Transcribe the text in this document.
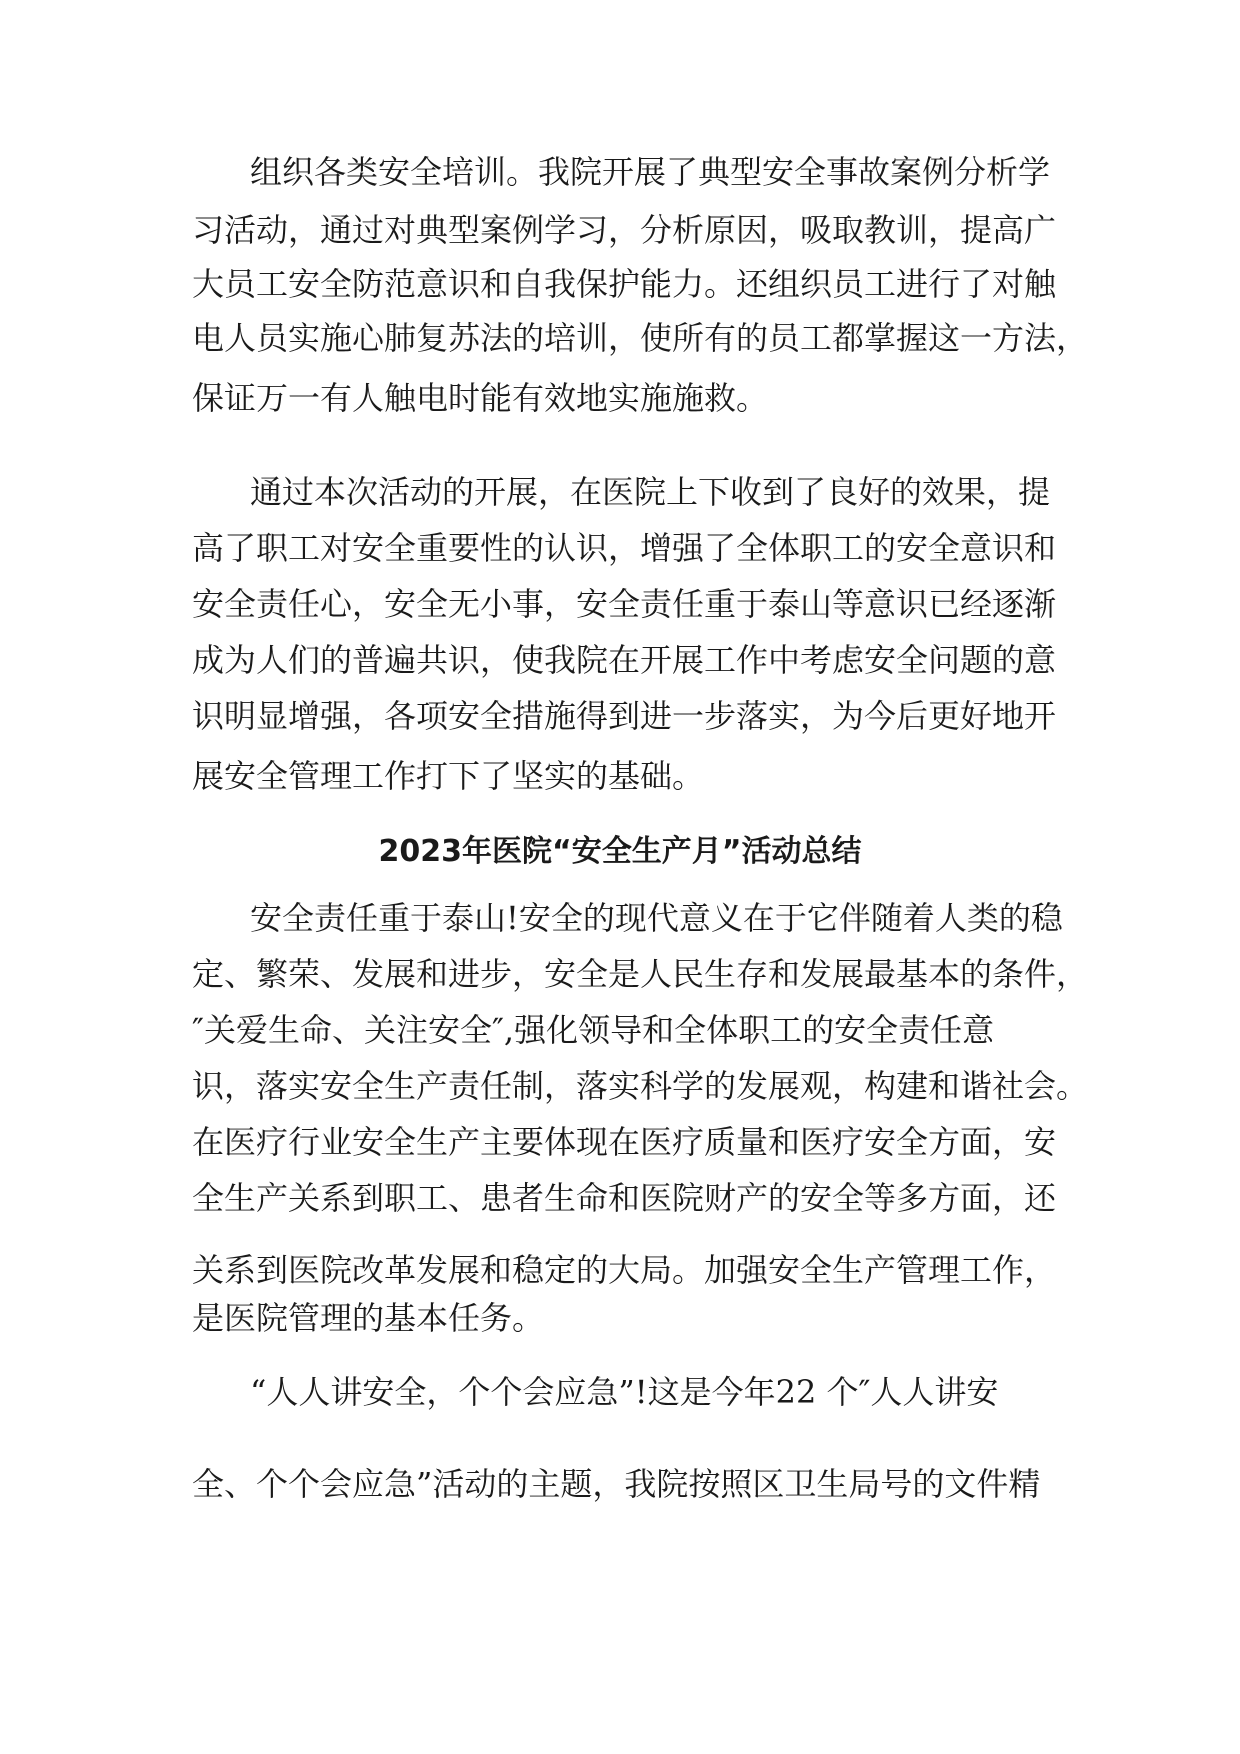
组织各类安全培训。我院开展了典型安全事故案例分析学
习活动，通过对典型案例学习，分析原因，吸取教训，提高广
大员工安全防范意识和自我保护能力。还组织员工进行了对触
电人员实施心肺复苏法的培训，使所有的员工都掌握这一方法，
保证万一有人触电时能有效地实施施救。
通过本次活动的开展，在医院上下收到了良好的效果，提
高了职工对安全重要性的认识，增强了全体职工的安全意识和
安全责任心，安全无小事，安全责任重于泰山等意识已经逐渐
成为人们的普遍共识，使我院在开展工作中考虑安全问题的意
识明显增强，各项安全措施得到进一步落实，为今后更好地开
展安全管理工作打下了坚实的基础。
2023年医院“安全生产月”活动总结
安全责任重于泰山!安全的现代意义在于它伴随着人类的稳
定、繁荣、发展和进步，安全是人民生存和发展最基本的条件，
″关爱生命、关注安全″,强化领导和全体职工的安全责任意
识，落实安全生产责任制，落实科学的发展观，构建和谐社会。
在医疗行业安全生产主要体现在医疗质量和医疗安全方面，安
全生产关系到职工、患者生命和医院财产的安全等多方面，还
关系到医院改革发展和稳定的大局。加强安全生产管理工作，
是医院管理的基本任务。
“人人讲安全，个个会应急”!这是今年22 个″人人讲安
全、个个会应急”活动的主题，我院按照区卫生局号的文件精
